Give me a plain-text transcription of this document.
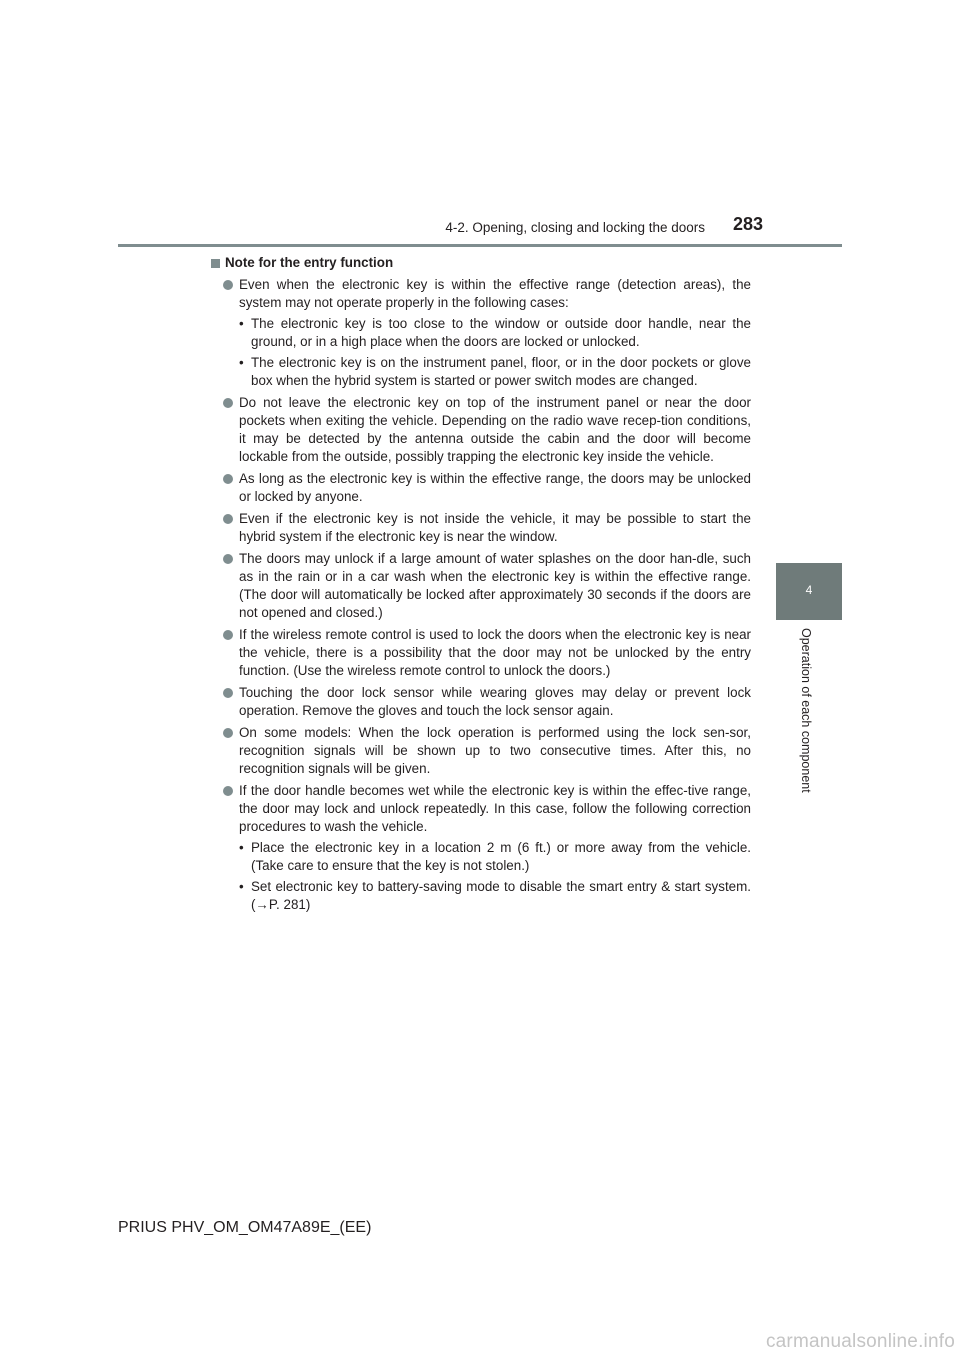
4-2. Opening, closing and locking the doors 283
4
Operation of each component
Note for the entry function
Even when the electronic key is within the effective range (detection areas), the system may not operate properly in the following cases:
• The electronic key is too close to the window or outside door handle, near the ground, or in a high place when the doors are locked or unlocked.
• The electronic key is on the instrument panel, floor, or in the door pockets or glove box when the hybrid system is started or power switch modes are changed.
Do not leave the electronic key on top of the instrument panel or near the door pockets when exiting the vehicle. Depending on the radio wave recep-tion conditions, it may be detected by the antenna outside the cabin and the door will become lockable from the outside, possibly trapping the electronic key inside the vehicle.
As long as the electronic key is within the effective range, the doors may be unlocked or locked by anyone.
Even if the electronic key is not inside the vehicle, it may be possible to start the hybrid system if the electronic key is near the window.
The doors may unlock if a large amount of water splashes on the door han-dle, such as in the rain or in a car wash when the electronic key is within the effective range. (The door will automatically be locked after approximately 30 seconds if the doors are not opened and closed.)
If the wireless remote control is used to lock the doors when the electronic key is near the vehicle, there is a possibility that the door may not be unlocked by the entry function. (Use the wireless remote control to unlock the doors.)
Touching the door lock sensor while wearing gloves may delay or prevent lock operation. Remove the gloves and touch the lock sensor again.
On some models: When the lock operation is performed using the lock sen-sor, recognition signals will be shown up to two consecutive times. After this, no recognition signals will be given.
If the door handle becomes wet while the electronic key is within the effec-tive range, the door may lock and unlock repeatedly. In this case, follow the following correction procedures to wash the vehicle.
• Place the electronic key in a location 2 m (6 ft.) or more away from the vehicle. (Take care to ensure that the key is not stolen.)
• Set electronic key to battery-saving mode to disable the smart entry & start system. (→P. 281)
PRIUS PHV_OM_OM47A89E_(EE)
carmanualsonline.info
